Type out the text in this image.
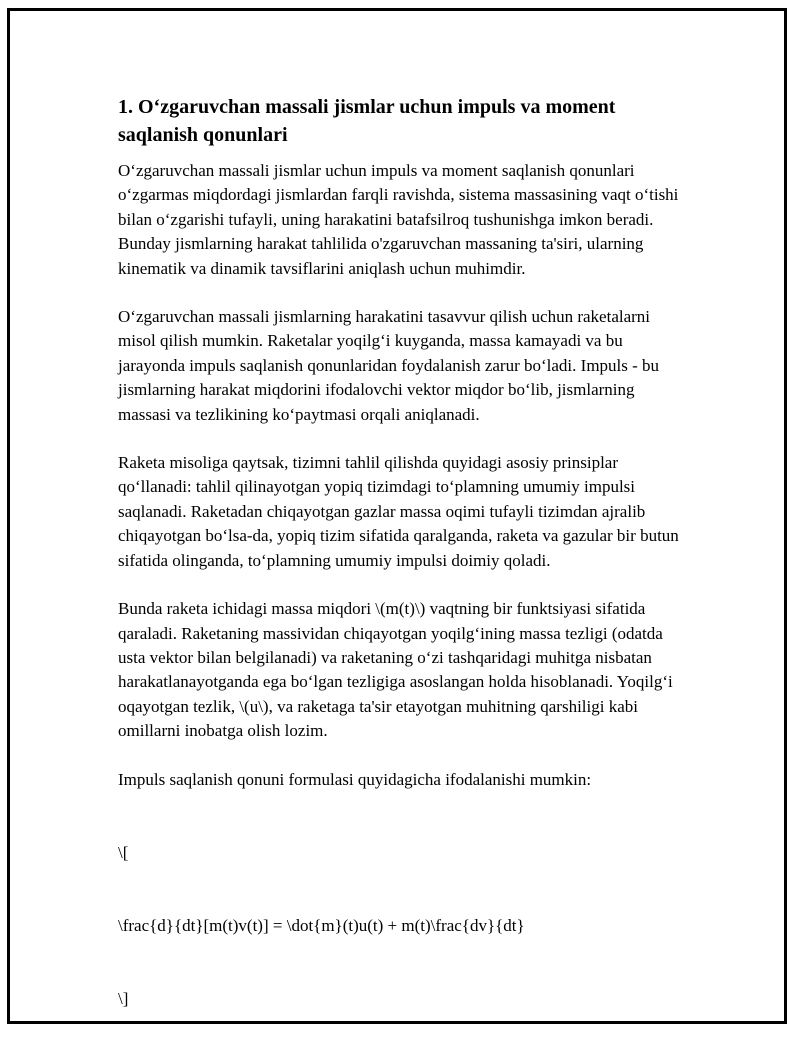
1. O‘zgaruvchan massali jismlar uchun impuls va moment saqlanish qonunlari

O‘zgaruvchan massali jismlar uchun impuls va moment saqlanish qonunlari o‘zgarmas miqdordagi jismlardan farqli ravishda, sistema massasining vaqt o‘tishi bilan o‘zgarishi tufayli, uning harakatini batafsilroq tushunishga imkon beradi. Bunday jismlarning harakat tahlilida o'zgaruvchan massaning ta'siri, ularning kinematik va dinamik tavsiflarini aniqlash uchun muhimdir.

O‘zgaruvchan massali jismlarning harakatini tasavvur qilish uchun raketalarni misol qilish mumkin. Raketalar yoqilg‘i kuyganda, massa kamayadi va bu jarayonda impuls saqlanish qonunlaridan foydalanish zarur bo‘ladi. Impuls - bu jismlarning harakat miqdorini ifodalovchi vektor miqdor bo‘lib, jismlarning massasi va tezlikining ko‘paytmasi orqali aniqlanadi.

Raketa misoliga qaytsak, tizimni tahlil qilishda quyidagi asosiy prinsiplar qo‘llanadi: tahlil qilinayotgan yopiq tizimdagi to‘plamning umumiy impulsi saqlanadi. Raketadan chiqayotgan gazlar massa oqimi tufayli tizimdan ajralib chiqayotgan bo‘lsa-da, yopiq tizim sifatida qaralganda, raketa va gazular bir butun sifatida olinganda, to‘plamning umumiy impulsi doimiy qoladi.

Bunda raketa ichidagi massa miqdori \(m(t)\) vaqtning bir funktsiyasi sifatida qaraladi. Raketaning massividan chiqayotgan yoqilg‘ining massa tezligi (odatda usta vektor bilan belgilanadi) va raketaning o‘zi tashqaridagi muhitga nisbatan harakatlanayotganda ega bo‘lgan tezligiga asoslangan holda hisoblanadi. Yoqilg‘i oqayotgan tezlik, \(u\), va raketaga ta'sir etayotgan muhitning qarshiligi kabi omillarni inobatga olish lozim.

Impuls saqlanish qonuni formulasi quyidagicha ifodalanishi mumkin:

\[

\frac{d}{dt}[m(t)v(t)] = \dot{m}(t)u(t) + m(t)\frac{dv}{dt}

\]
